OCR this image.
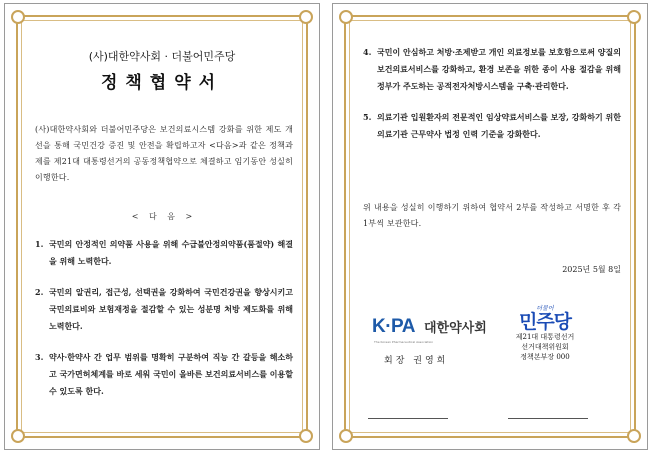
(사)대한약사회 · 더불어민주당
정책협약서

(사)대한약사회와 더불어민주당은 보건의료시스템 강화를 위한 제도 개선을 통해 국민건강 증진 및 안전을 확립하고자 <다음>과 같은 정책과제를 제21대 대통령선거의 공동정책협약으로 체결하고 임기동안 성실히 이행한다.

< 다 음 >
1. 국민의 안정적인 의약품 사용을 위해 수급불안정의약품(품절약) 해결을 위해 노력한다.
2. 국민의 알권리, 접근성, 선택권을 강화하여 국민건강권을 향상시키고 국민의료비와 보험재정을 절감할 수 있는 성분명 처방 제도화를 위해 노력한다.
3. 약사·한약사 간 업무 범위를 명확히 구분하여 직능 간 갈등을 해소하고 국가면허체계를 바로 세워 국민이 올바른 보건의료서비스를 이용할 수 있도록 한다.
4. 국민이 안심하고 처방·조제받고 개인 의료정보를 보호함으로써 양질의 보건의료서비스를 강화하고, 환경 보존을 위한 종이 사용 절감을 위해 정부가 주도하는 공적전자처방시스템을 구축·관리한다.
5. 의료기관 입원환자의 전문적인 임상약료서비스를 보장, 강화하기 위한 의료기관 근무약사 법정 인력 기준을 강화한다.

위 내용을 성실히 이행하기 위하여 협약서 2부를 작성하고 서명한 후 각 1부씩 보관한다.

2025년 5월 8일
K·PA 대한약사회
The Korean Pharmaceutical Association
회장 권영희
더불어
민주당
제21대 대통령선거
선거대책위원회
정책본부장 000
